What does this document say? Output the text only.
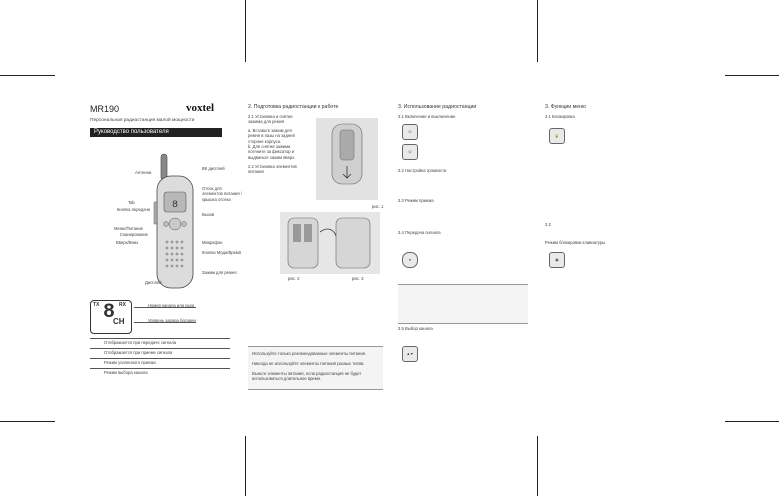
MR190	voxtel
Персональная радиостанция малой мощности
Руководство пользователя
8
Антенна
ВК дисплей
Отсек для элементов питания / крышка отсека
Tab
Кнопка передачи
Меню/Питание
Сканирование
Вверх/Вниз
Дисплей
Вызов
Микрофон
Кнопка Мода/Время
Зажим для ремня
TX	RX
8
CH
Номер канала или кода
Уровень заряда батареи
Отображается при передаче сигнала
Отображается при приеме сигнала
Режим усиленного приема
Режим выбора канала
2. Подготовка радиостанции к работе
2.1 Установка и снятие зажима для ремня
a. Вставьте зажим для ремня в пазы на задней стороне корпуса.
b. Для снятия зажима потяните за фиксатор и выдвиньте зажим вверх.
рис. 1
2.2 Установка элементов питания
рис. 2	рис. 3
Используйте только рекомендованные элементы питания.
Никогда не используйте элементы питания разных типов.
Выньте элементы питания, если радиостанция не будет использоваться длительное время.
3. Использование радиостанции
3.1 Включение и выключение
⏻
⏻
3.2 Настройка громкости
3.3 Режим приема
3.4 Передача сигнала
●
3.5 Выбор канала
▲▼
3. Функции меню
3.1 Блокировка
🔒
3.2
Режим блокировки клавиатуры
▣
